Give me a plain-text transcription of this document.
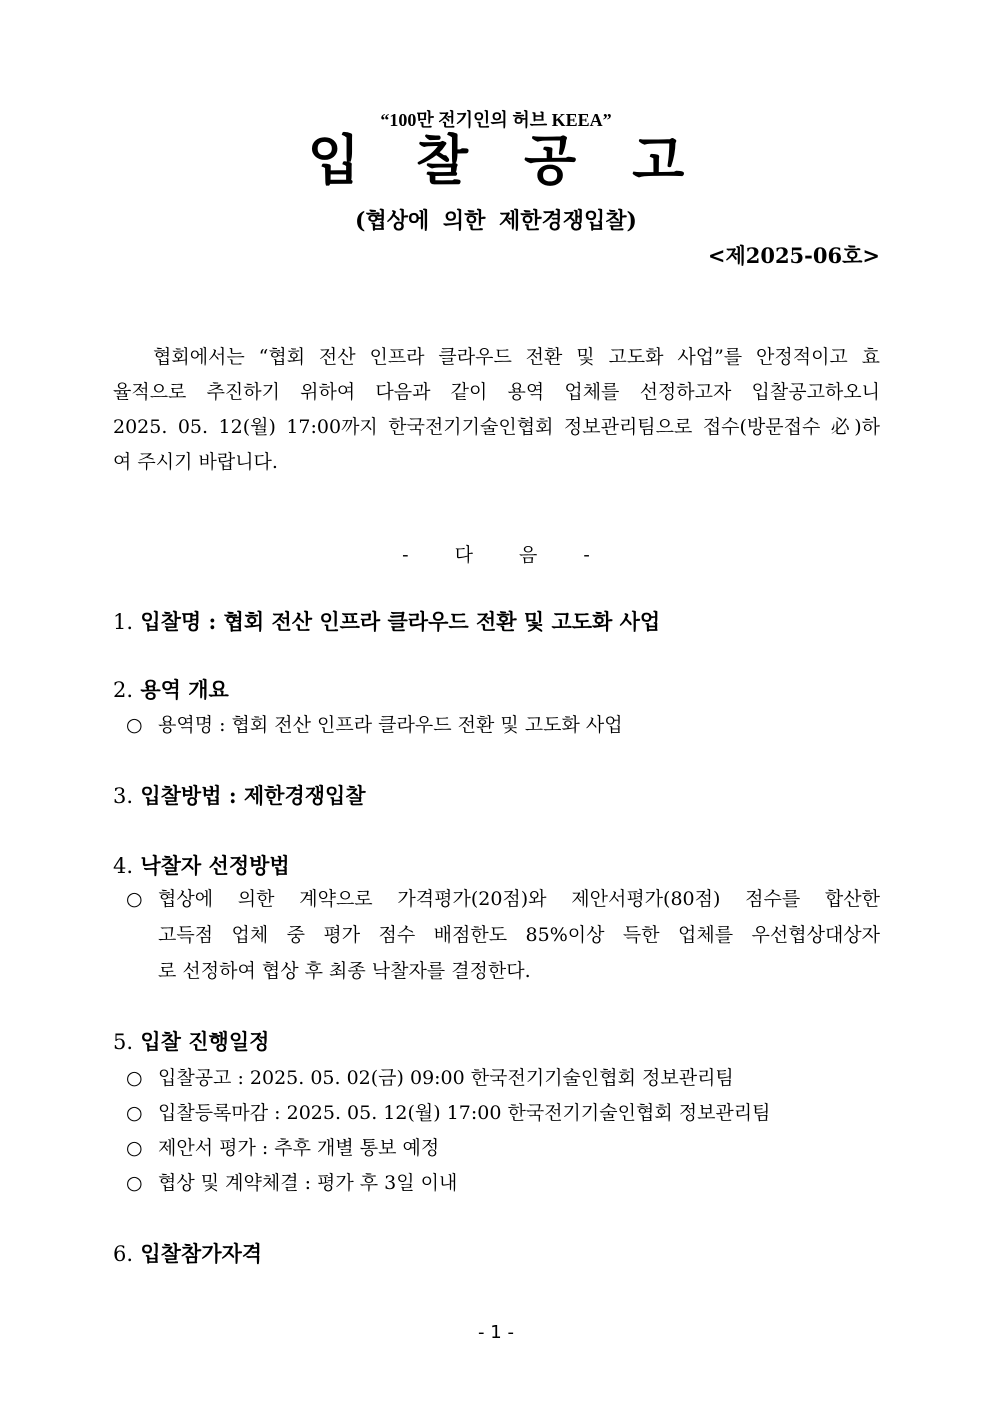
“100만 전기인의 허브 KEEA”
입찰공고
(협상에 의한 제한경쟁입찰)
<제2025-06호>
협회에서는 “협회 전산 인프라 클라우드 전환 및 고도화 사업”를 안정적이고 효
율적으로 추진하기 위하여 다음과 같이 용역 업체를 선정하고자 입찰공고하오니
2025. 05. 12(월) 17:00까지 한국전기기술인협회 정보관리팀으로 접수(방문접수 必)하
여 주시기 바랍니다.
- 다 음 -
1. 입찰명 : 협회 전산 인프라 클라우드 전환 및 고도화 사업
2. 용역 개요
○ 용역명 : 협회 전산 인프라 클라우드 전환 및 고도화 사업
3. 입찰방법 : 제한경쟁입찰
4. 낙찰자 선정방법
○ 협상에 의한 계약으로 가격평가(20점)와 제안서평가(80점) 점수를 합산한
고득점 업체 중 평가 점수 배점한도 85%이상 득한 업체를 우선협상대상자
로 선정하여 협상 후 최종 낙찰자를 결정한다.
5. 입찰 진행일정
○ 입찰공고 : 2025. 05. 02(금) 09:00 한국전기기술인협회 정보관리팀
○ 입찰등록마감 : 2025. 05. 12(월) 17:00 한국전기기술인협회 정보관리팀
○ 제안서 평가 : 추후 개별 통보 예정
○ 협상 및 계약체결 : 평가 후 3일 이내
6. 입찰참가자격
- 1 -
